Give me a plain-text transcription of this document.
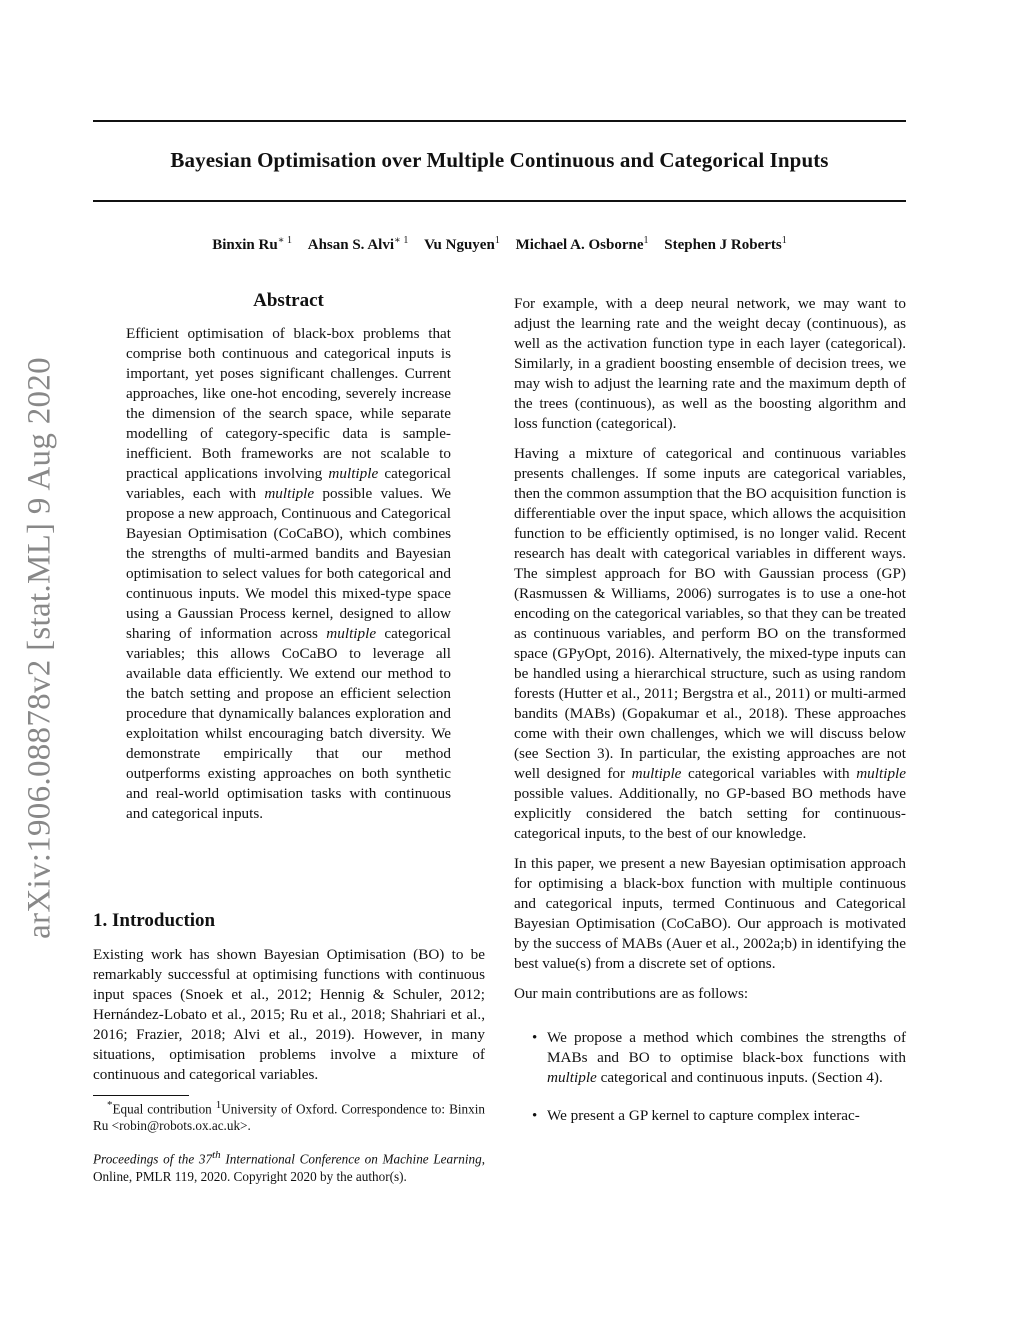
arXiv:1906.08878v2 [stat.ML] 9 Aug 2020
Bayesian Optimisation over Multiple Continuous and Categorical Inputs
Binxin $Ru^{∗ 1}$ Ahsan S. Alvi$^{∗ 1}$ Vu Nguyen$^1$ Michael A. Osborne$^1$ Stephen J Roberts$^1$
Abstract

Efficient optimisation of black-box problems that comprise both continuous and categorical inputs is important, yet poses significant challenges. Current approaches, like one-hot encoding, severely increase the dimension of the search space, while separate modelling of category-specific data is sample-inefficient. Both frameworks are not scalable to practical applications involving multiple categorical variables, each with multiple possible values. We propose a new approach, Continuous and Categorical Bayesian Optimisation (CoCaBO), which combines the strengths of multi-armed bandits and Bayesian optimisation to select values for both categorical and continuous inputs. We model this mixed-type space using a Gaussian Process kernel, designed to allow sharing of information across multiple categorical variables; this allows CoCaBO to leverage all available data efficiently. We extend our method to the batch setting and propose an efficient selection procedure that dynamically balances exploration and exploitation whilst encouraging batch diversity. We demonstrate empirically that our method outperforms existing approaches on both synthetic and real-world optimisation tasks with continuous and categorical inputs.

1. Introduction

Existing work has shown Bayesian Optimisation (BO) to be remarkably successful at optimising functions with continuous input spaces (Snoek et al., 2012; Hennig & Schuler, 2012; Hernández-Lobato et al., 2015; Ru et al., 2018; Shahriari et al., 2016; Frazier, 2018; Alvi et al., 2019). However, in many situations, optimisation problems involve a mixture of continuous and categorical variables.

*Equal contribution $^1$University of Oxford. Correspondence to: Binxin Ru <robin@robots.ox.ac.uk>.

Proceedings of the 37th International Conference on Machine Learning, Online, PMLR 119, 2020. Copyright 2020 by the author(s).

For example, with a deep neural network, we may want to adjust the learning rate and the weight decay (continuous), as well as the activation function type in each layer (categorical). Similarly, in a gradient boosting ensemble of decision trees, we may wish to adjust the learning rate and the maximum depth of the trees (continuous), as well as the boosting algorithm and loss function (categorical).

Having a mixture of categorical and continuous variables presents challenges. If some inputs are categorical variables, then the common assumption that the BO acquisition function is differentiable over the input space, which allows the acquisition function to be efficiently optimised, is no longer valid. Recent research has dealt with categorical variables in different ways. The simplest approach for BO with Gaussian process (GP) (Rasmussen & Williams, 2006) surrogates is to use a one-hot encoding on the categorical variables, so that they can be treated as continuous variables, and perform BO on the transformed space (GPyOpt, 2016). Alternatively, the mixed-type inputs can be handled using a hierarchical structure, such as using random forests (Hutter et al., 2011; Bergstra et al., 2011) or multi-armed bandits (MABs) (Gopakumar et al., 2018). These approaches come with their own challenges, which we will discuss below (see Section 3). In particular, the existing approaches are not well designed for multiple categorical variables with multiple possible values. Additionally, no GP-based BO methods have explicitly considered the batch setting for continuous-categorical inputs, to the best of our knowledge.

In this paper, we present a new Bayesian optimisation approach for optimising a black-box function with multiple continuous and categorical inputs, termed Continuous and Categorical Bayesian Optimisation (CoCaBO). Our approach is motivated by the success of MABs (Auer et al., 2002a;b) in identifying the best value(s) from a discrete set of options.

Our main contributions are as follows:

• We propose a method which combines the strengths of MABs and BO to optimise black-box functions with multiple categorical and continuous inputs. (Section 4).
• We present a GP kernel to capture complex interac-
